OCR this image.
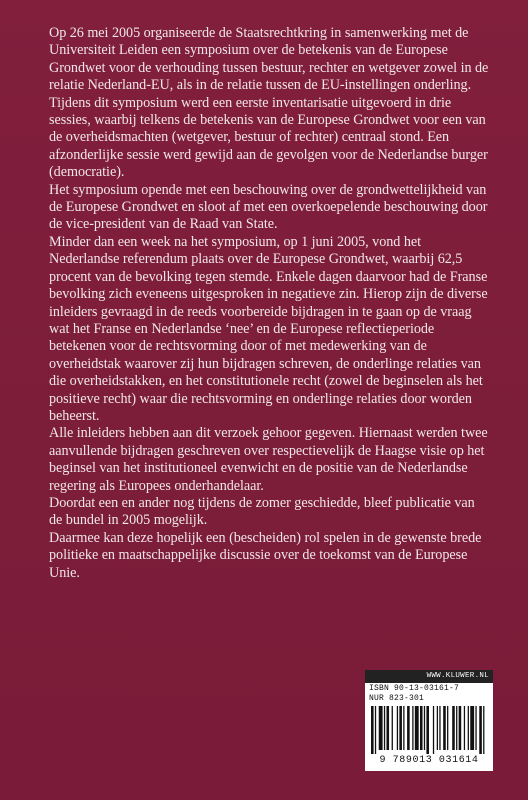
Op 26 mei 2005 organiseerde de Staatsrechtkring in samenwerking met de Universiteit Leiden een symposium over de betekenis van de Europese Grondwet voor de verhouding tussen bestuur, rechter en wetgever zowel in de relatie Nederland-EU, als in de relatie tussen de EU-instellingen onderling. Tijdens dit symposium werd een eerste inventarisatie uitgevoerd in drie sessies, waarbij telkens de betekenis van de Europese Grondwet voor een van de overheidsmachten (wetgever, bestuur of rechter) centraal stond. Een afzonderlijke sessie werd gewijd aan de gevolgen voor de Nederlandse burger (democratie).

Het symposium opende met een beschouwing over de grondwettelijkheid van de Europese Grondwet en sloot af met een overkoepelende beschouwing door de vice-president van de Raad van State.

Minder dan een week na het symposium, op 1 juni 2005, vond het Nederlandse referendum plaats over de Europese Grondwet, waarbij 62,5 procent van de bevolking tegen stemde. Enkele dagen daarvoor had de Franse bevolking zich eveneens uitgesproken in negatieve zin. Hierop zijn de diverse inleiders gevraagd in de reeds voorbereide bijdragen in te gaan op de vraag wat het Franse en Nederlandse ‘nee’ en de Europese reflectieperiode betekenen voor de rechtsvorming door of met medewerking van de overheidstak waarover zij hun bijdragen schreven, de onderlinge relaties van die overheidstakken, en het constitutionele recht (zowel de beginselen als het positieve recht) waar die rechtsvorming en onderlinge relaties door worden beheerst.

Alle inleiders hebben aan dit verzoek gehoor gegeven. Hiernaast werden twee aanvullende bijdragen geschreven over respectievelijk de Haagse visie op het beginsel van het institutioneel evenwicht en de positie van de Nederlandse regering als Europees onderhandelaar.

Doordat een en ander nog tijdens de zomer geschiedde, bleef publicatie van de bundel in 2005 mogelijk.

Daarmee kan deze hopelijk een (bescheiden) rol spelen in de gewenste brede politieke en maatschappelijke discussie over de toekomst van de Europese Unie.

WWW.KLUWER.NL
ISBN 90-13-03161-7
NUR 823-301
9 789013 031614
